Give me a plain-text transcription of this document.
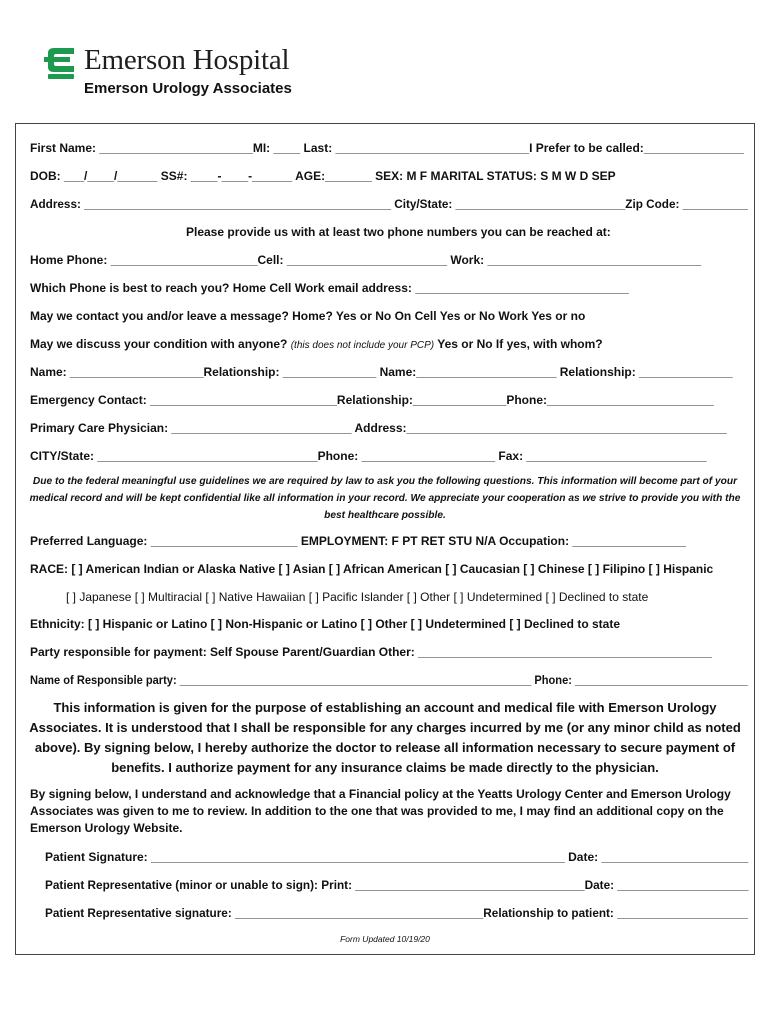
Emerson Hospital
Emerson Urology Associates
First Name: _______________________MI: ____ Last: _____________________________I Prefer to be called:_______________
DOB: ___/____/______ SS#: ____-____-______ AGE:_______ SEX: M F MARITAL STATUS: S M W D SEP
Address: _______________________________________________ City/State: __________________________Zip Code: __________
Please provide us with at least two phone numbers you can be reached at:
Home Phone: ______________________Cell: ________________________ Work: ________________________________
Which Phone is best to reach you? Home Cell Work email address: ________________________________
May we contact you and/or leave a message? Home? Yes or No On Cell Yes or No Work Yes or no
May we discuss your condition with anyone? (this does not include your PCP) Yes or No If yes, with whom?
Name: ____________________Relationship: ______________ Name:_____________________ Relationship: ______________
Emergency Contact: ____________________________Relationship:______________Phone:_________________________
Primary Care Physician: ___________________________ Address:________________________________________________
CITY/State: _________________________________Phone: ____________________ Fax: ___________________________
Due to the federal meaningful use guidelines we are required by law to ask you the following questions. This information will become part of your medical record and will be kept confidential like all information in your record. We appreciate your cooperation as we strive to provide you with the best healthcare possible.
Preferred Language: ______________________ EMPLOYMENT: F PT RET STU N/A Occupation: _________________
RACE: [ ] American Indian or Alaska Native [ ] Asian [ ] African American [ ] Caucasian [ ] Chinese [ ] Filipino [ ] Hispanic
[ ] Japanese [ ] Multiracial [ ] Native Hawaiian [ ] Pacific Islander [ ] Other [ ] Undetermined [ ] Declined to state
Ethnicity: [ ] Hispanic or Latino [ ] Non-Hispanic or Latino [ ] Other [ ] Undetermined [ ] Declined to state
Party responsible for payment: Self Spouse Parent/Guardian Other: ____________________________________________
Name of Responsible party: _________________________________________________________ Phone: ____________________________
This information is given for the purpose of establishing an account and medical file with Emerson Urology Associates. It is understood that I shall be responsible for any charges incurred by me (or any minor child as noted above). By signing below, I hereby authorize the doctor to release all information necessary to secure payment of benefits. I authorize payment for any insurance claims be made directly to the physician.
By signing below, I understand and acknowledge that a Financial policy at the Yeatts Urology Center and Emerson Urology Associates was given to me to review. In addition to the one that was provided to me, I may find an additional copy on the Emerson Urology Website.
Patient Signature: ______________________________________________________________ Date: ______________________
Patient Representative (minor or unable to sign): Print: ___________________________________Date: ____________________
Patient Representative signature: ______________________________________Relationship to patient: ____________________
Form Updated 10/19/20
